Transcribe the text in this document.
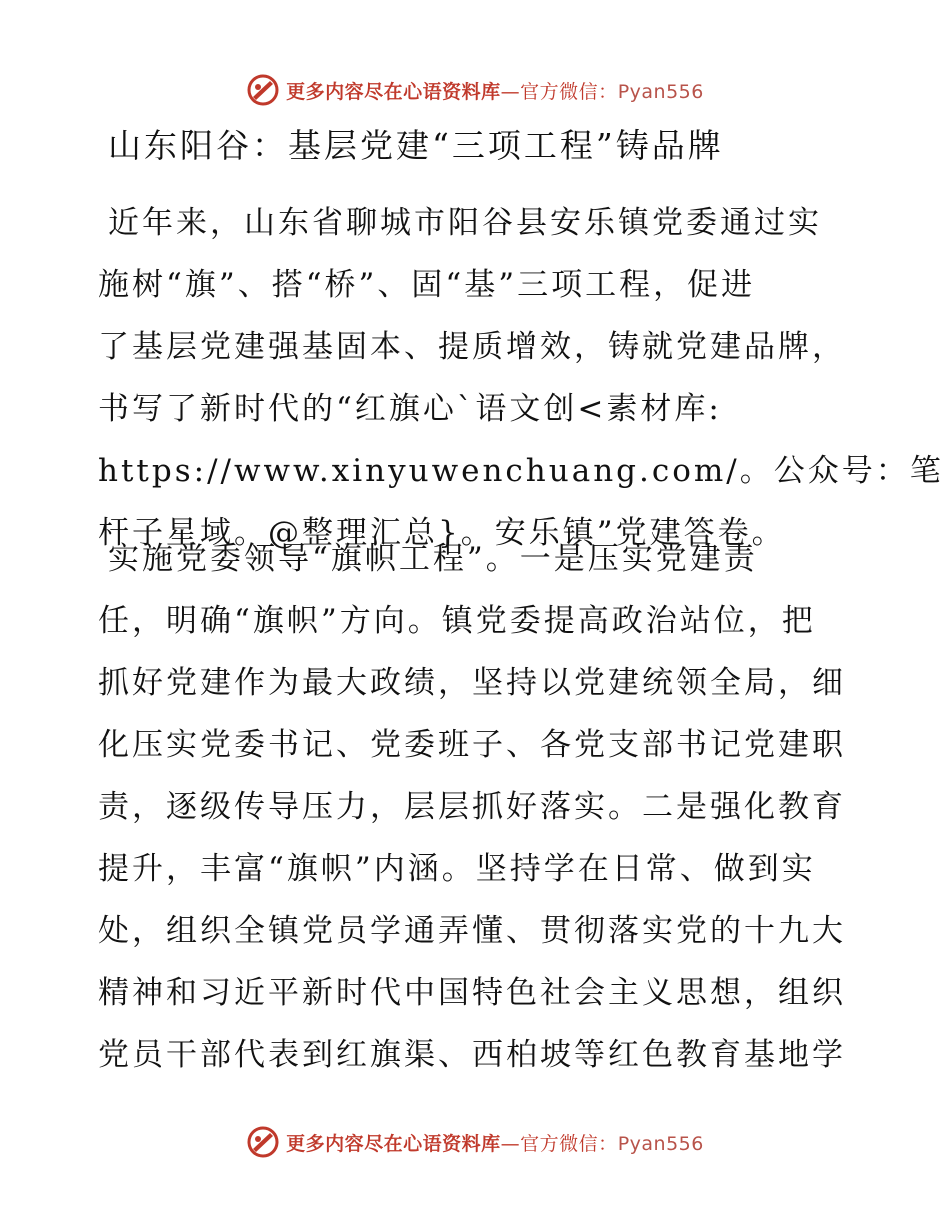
更多内容尽在心语资料库—官方微信：Pyan556
山东阳谷：基层党建“三项工程”铸品牌
近年来，山东省聊城市阳谷县安乐镇党委通过实
施树“旗”、搭“桥”、固“基”三项工程，促进
了基层党建强基固本、提质增效，铸就党建品牌，
书写了新时代的“红旗心`语文创<素材库:
https://www.xinyuwenchuang.com/。公众号：笔
杆子星域。@整理汇总}。安乐镇”党建答卷。
实施党委领导“旗帜工程”。一是压实党建责
任，明确“旗帜”方向。镇党委提高政治站位，把
抓好党建作为最大政绩，坚持以党建统领全局，细
化压实党委书记、党委班子、各党支部书记党建职
责，逐级传导压力，层层抓好落实。二是强化教育
提升，丰富“旗帜”内涵。坚持学在日常、做到实
处，组织全镇党员学通弄懂、贯彻落实党的十九大
精神和习近平新时代中国特色社会主义思想，组织
党员干部代表到红旗渠、西柏坡等红色教育基地学
更多内容尽在心语资料库—官方微信：Pyan556
